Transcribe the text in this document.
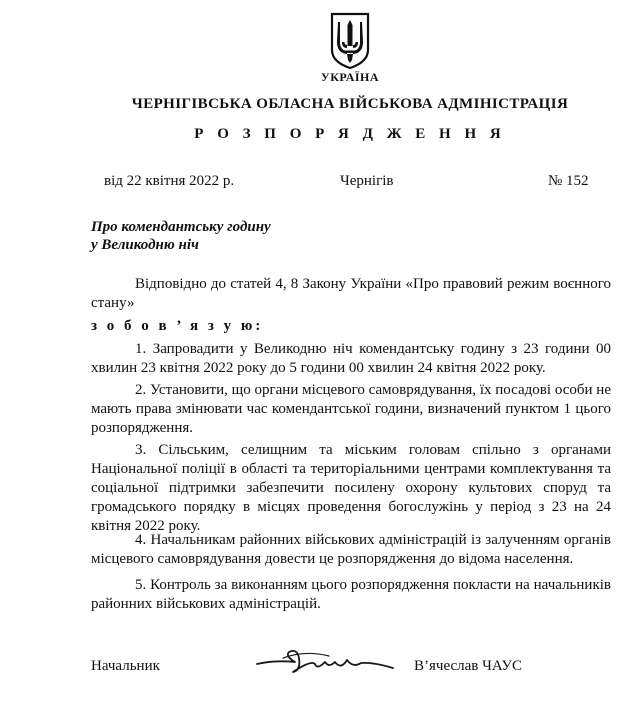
УКРАЇНА
ЧЕРНІГІВСЬКА ОБЛАСНА ВІЙСЬКОВА АДМІНІСТРАЦІЯ
Р О З П О Р Я Д Ж Е Н Н Я
від 22 квітня 2022 р.	Чернігів	№ 152
Про комендантську годину
у Великодню ніч
Відповідно до статей 4, 8 Закону України «Про правовий режим воєнного стану»
з о б о в ’ я з у ю:
1. Запровадити у Великодню ніч комендантську годину з 23 години 00 хвилин 23 квітня 2022 року до 5 години 00 хвилин 24 квітня 2022 року.
2. Установити, що органи місцевого самоврядування, їх посадові особи не мають права змінювати час комендантської години, визначений пунктом 1 цього розпорядження.
3. Сільським, селищним та міським головам спільно з органами Національної поліції в області та територіальними центрами комплектування та соціальної підтримки забезпечити посилену охорону культових споруд та громадського порядку в місцях проведення богослужінь у період з 23 на 24 квітня 2022 року.
4. Начальникам районних військових адміністрацій із залученням органів місцевого самоврядування довести це розпорядження до відома населення.
5. Контроль за виконанням цього розпорядження покласти на начальників районних військових адміністрацій.
Начальник	В’ячеслав ЧАУС
